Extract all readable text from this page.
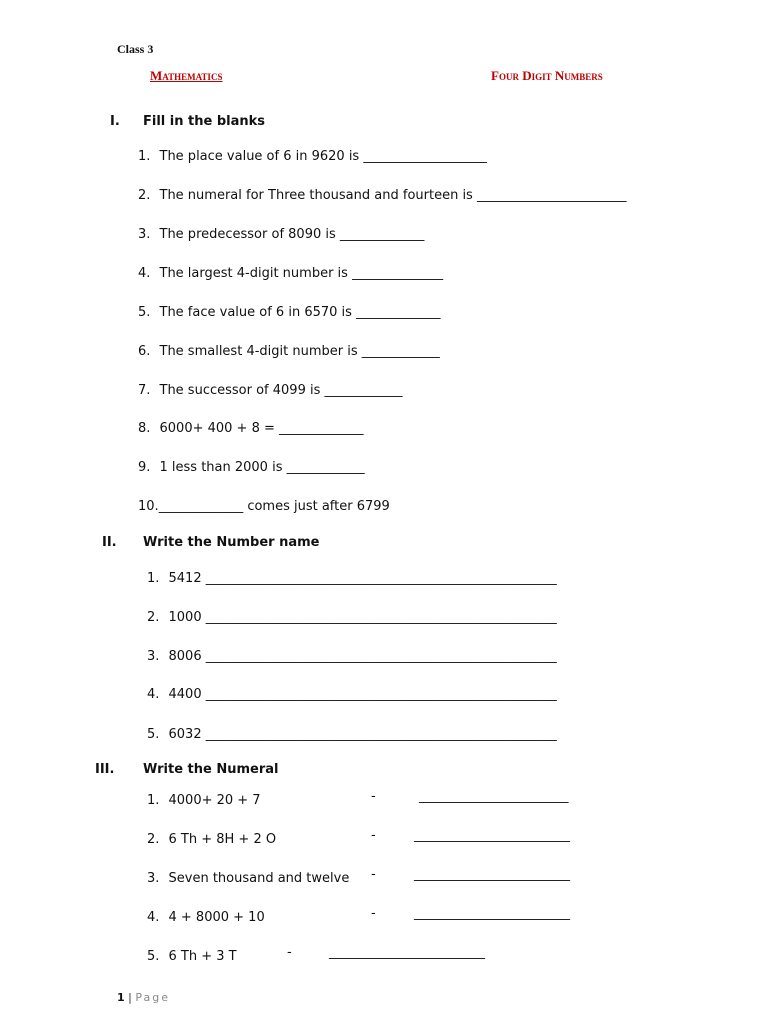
Class 3
Mathematics	Four Digit Numbers
I. Fill in the blanks
1. The place value of 6 in 9620 is ___________________
2. The numeral for Three thousand and fourteen is _______________________
3. The predecessor of 8090 is _____________
4. The largest 4-digit number is ______________
5. The face value of 6 in 6570 is _____________
6. The smallest 4-digit number is ____________
7. The successor of 4099 is ____________
8. 6000+ 400 + 8 = _____________
9. 1 less than 2000 is ____________
10._____________ comes just after 6799
II. Write the Number name
1. 5412 ______________________________________________________
2. 1000 ______________________________________________________
3. 8006 ______________________________________________________
4. 4400 ______________________________________________________
5. 6032 ______________________________________________________
III. Write the Numeral
1. 4000+ 20 + 7	-	_______________________
2. 6 Th + 8H + 2 O	-	________________________
3. Seven thousand and twelve -	________________________
4. 4 + 8000 + 10	-	________________________
5. 6 Th + 3 T	-	________________________
1 | Page
